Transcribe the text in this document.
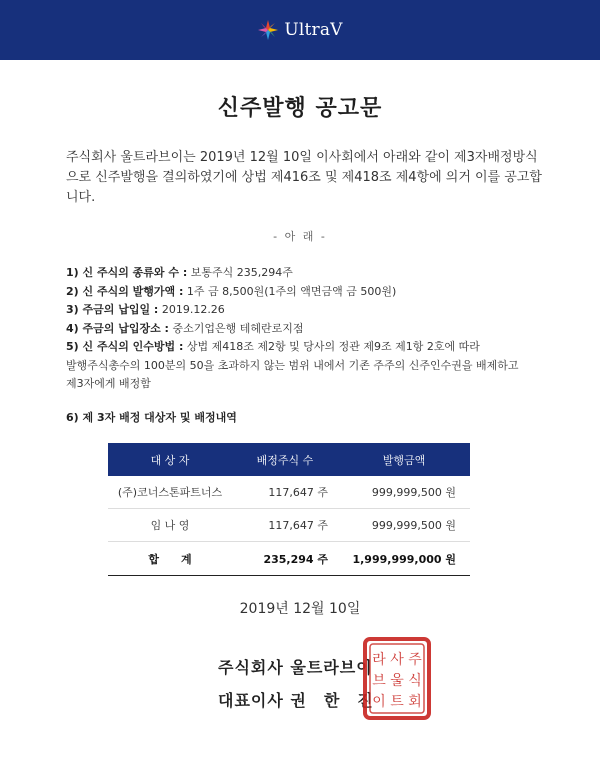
UltraV
신주발행 공고문
주식회사 울트라브이는 2019년 12월 10일 이사회에서 아래와 같이 제3자배정방식으로 신주발행을 결의하였기에 상법 제416조 및 제418조 제4항에 의거 이를 공고합니다.
- 아 래 -
1) 신 주식의 종류와 수 : 보통주식 235,294주
2) 신 주식의 발행가액 : 1주 금 8,500원(1주의 액면금액 금 500원)
3) 주금의 납입일 : 2019.12.26
4) 주금의 납입장소 : 중소기업은행 테헤란로지점
5) 신 주식의 인수방법 : 상법 제418조 제2항 및 당사의 정관 제9조 제1항 2호에 따라
발행주식총수의 100분의 50을 초과하지 않는 범위 내에서 기존 주주의 신주인수권을 배제하고
제3자에게 배정함
6) 제 3자 배정 대상자 및 배정내역
대 상 자	배정주식 수	발행금액
(주)코너스톤파트너스	117,647 주	999,999,500 원
임 나 영	117,647 주	999,999,500 원
합　　계	235,294 주	1,999,999,000 원
2019년 12월 10일
주식회사 울트라브이
대표이사 권　한　진
주
식
회
사
울
트
라
브
이
